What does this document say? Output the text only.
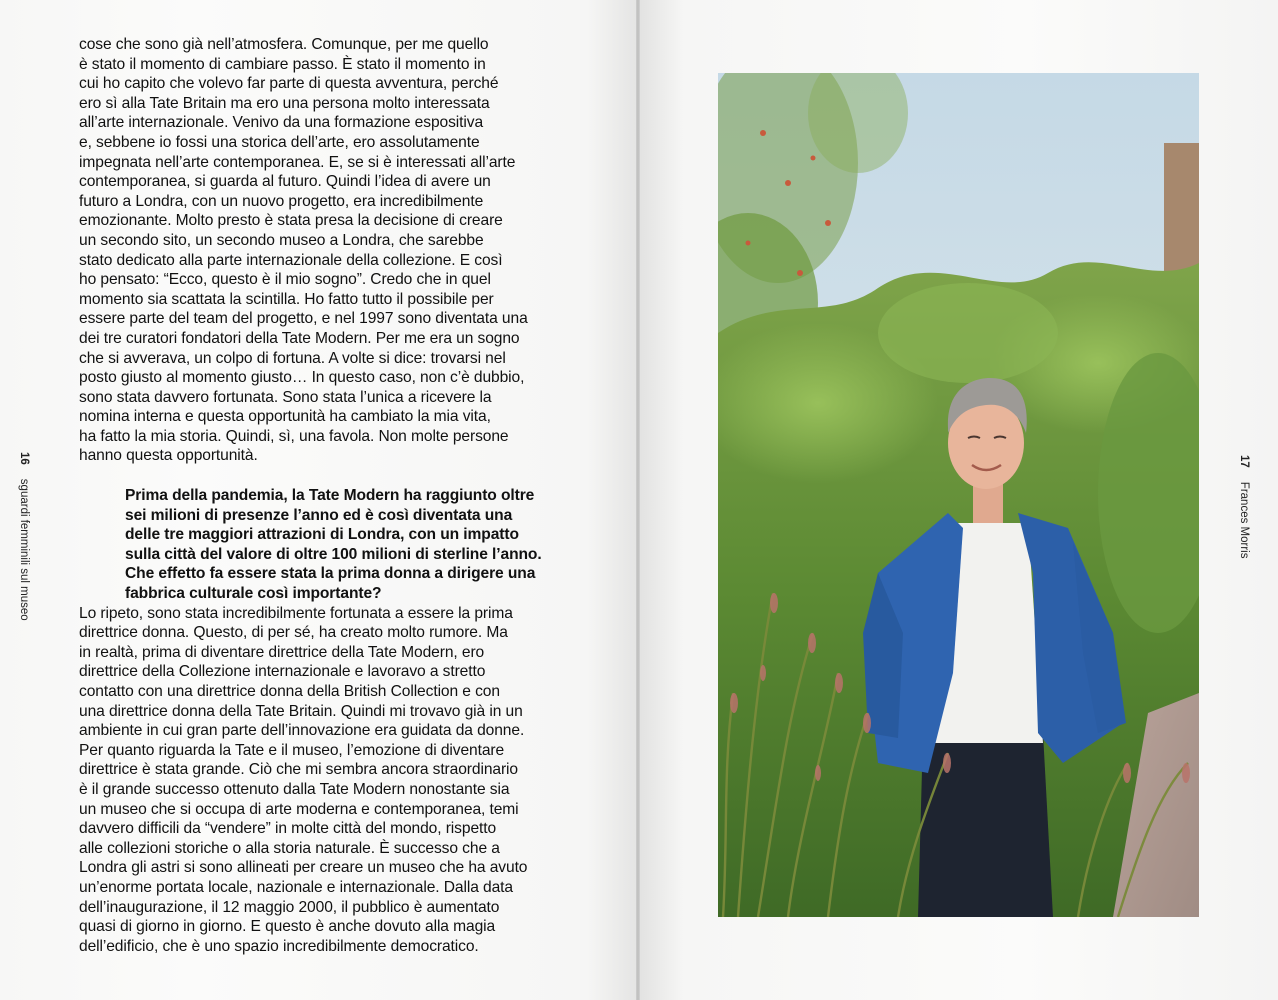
16sguardi femminili sul museo

cose che sono già nell’atmosfera. Comunque, per me quello

è stato il momento di cambiare passo. È stato il momento in

cui ho capito che volevo far parte di questa avventura, perché

ero sì alla Tate Britain ma ero una persona molto interessata

all’arte internazionale. Venivo da una formazione espositiva

e, sebbene io fossi una storica dell’arte, ero assolutamente

impegnata nell’arte contemporanea. E, se si è interessati all’arte

contemporanea, si guarda al futuro. Quindi l’idea di avere un

futuro a Londra, con un nuovo progetto, era incredibilmente

emozionante. Molto presto è stata presa la decisione di creare

un secondo sito, un secondo museo a Londra, che sarebbe

stato dedicato alla parte internazionale della collezione. E così

ho pensato: “Ecco, questo è il mio sogno”. Credo che in quel

momento sia scattata la scintilla. Ho fatto tutto il possibile per

essere parte del team del progetto, e nel 1997 sono diventata una

dei tre curatori fondatori della Tate Modern. Per me era un sogno

che si avverava, un colpo di fortuna. A volte si dice: trovarsi nel

posto giusto al momento giusto… In questo caso, non c’è dubbio,

sono stata davvero fortunata. Sono stata l’unica a ricevere la

nomina interna e questa opportunità ha cambiato la mia vita,

ha fatto la mia storia. Quindi, sì, una favola. Non molte persone

hanno questa opportunità.

Prima della pandemia, la Tate Modern ha raggiunto oltre

sei milioni di presenze l’anno ed è così diventata una

delle tre maggiori attrazioni di Londra, con un impatto

sulla città del valore di oltre 100 milioni di sterline l’anno.

Che effetto fa essere stata la prima donna a dirigere una

fabbrica culturale così importante?

Lo ripeto, sono stata incredibilmente fortunata a essere la prima

direttrice donna. Questo, di per sé, ha creato molto rumore. Ma

in realtà, prima di diventare direttrice della Tate Modern, ero

direttrice della Collezione internazionale e lavoravo a stretto

contatto con una direttrice donna della British Collection e con

una direttrice donna della Tate Britain. Quindi mi trovavo già in un

ambiente in cui gran parte dell’innovazione era guidata da donne.

Per quanto riguarda la Tate e il museo, l’emozione di diventare

direttrice è stata grande. Ciò che mi sembra ancora straordinario

è il grande successo ottenuto dalla Tate Modern nonostante sia

un museo che si occupa di arte moderna e contemporanea, temi

davvero difficili da “vendere” in molte città del mondo, rispetto

alle collezioni storiche o alla storia naturale. È successo che a

Londra gli astri si sono allineati per creare un museo che ha avuto

un’enorme portata locale, nazionale e internazionale. Dalla data

dell’inaugurazione, il 12 maggio 2000, il pubblico è aumentato

quasi di giorno in giorno. E questo è anche dovuto alla magia

dell’edificio, che è uno spazio incredibilmente democratico.

17Frances Morris
